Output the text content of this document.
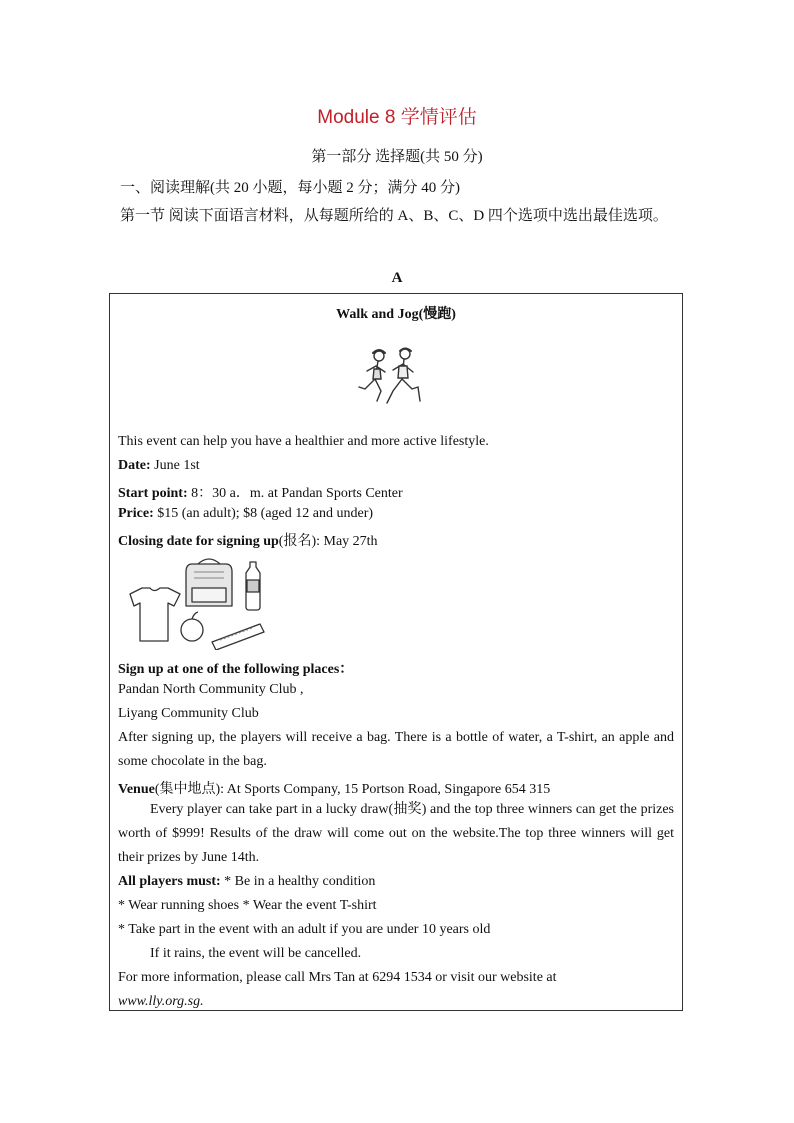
Module 8 学情评估
第一部分 选择题(共 50 分)
一、阅读理解(共 20 小题，每小题 2 分；满分 40 分)
第一节 阅读下面语言材料，从每题所给的 A、B、C、D 四个选项中选出最佳选项。
A
Walk and Jog(慢跑)
This event can help you have a healthier and more active lifestyle.
Date: June 1st
Start point: 8：30 a．m. at Pandan Sports Center
Price: $15 (an adult); $8 (aged 12 and under)
Closing date for signing up(报名): May 27th
Sign up at one of the following places：
Pandan North Community Club ,
Liyang Community Club
After signing up, the players will receive a bag. There is a bottle of water, a T-shirt, an apple and some chocolate in the bag.
Venue(集中地点): At Sports Company, 15 Portson Road, Singapore 654 315
Every player can take part in a lucky draw(抽奖) and the top three winners can get the prizes worth of $999! Results of the draw will come out on the website.The top three winners will get their prizes by June 14th.
All players must: * Be in a healthy condition
* Wear running shoes * Wear the event T-shirt
* Take part in the event with an adult if you are under 10 years old
If it rains, the event will be cancelled.
For more information, please call Mrs Tan at 6294 1534 or visit our website at
www.lly.org.sg.
